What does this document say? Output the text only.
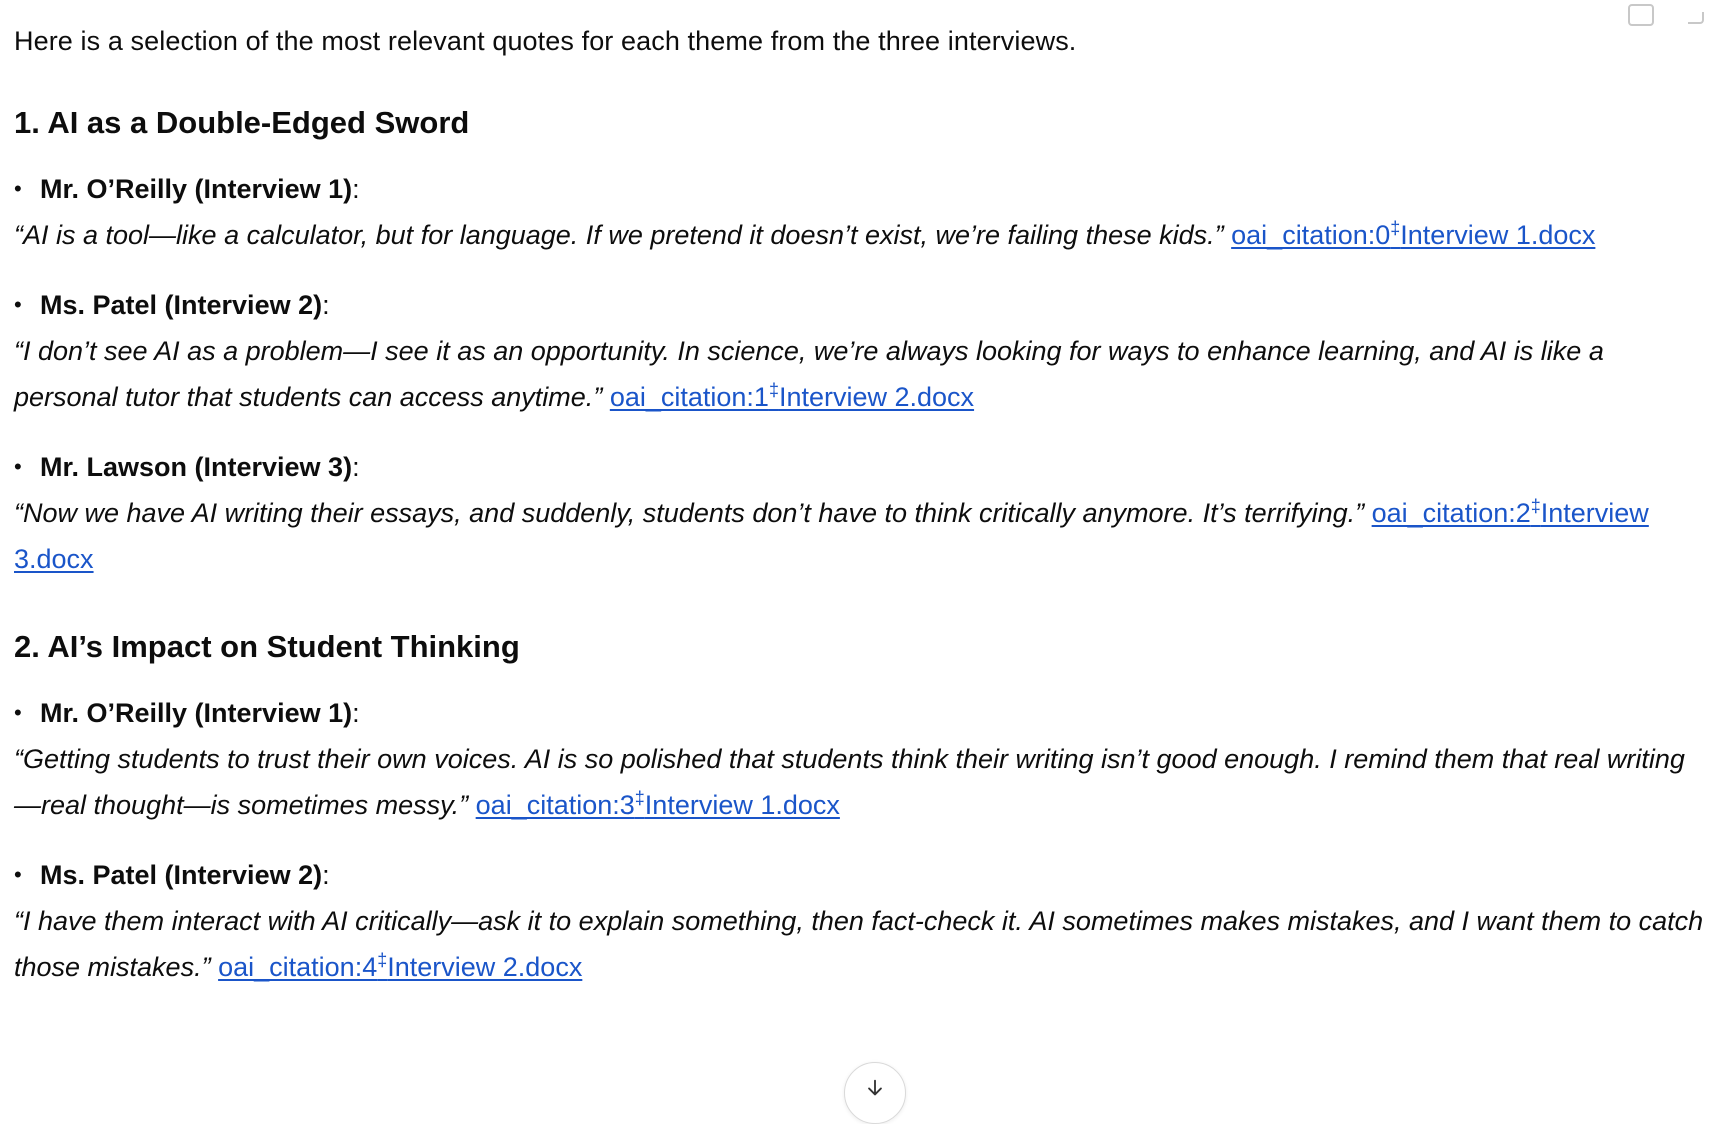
Here is a selection of the most relevant quotes for each theme from the three interviews.

1. AI as a Double-Edged Sword
• Mr. O’Reilly (Interview 1) :

“AI is a tool—like a calculator, but for language. If we pretend it doesn’t exist, we’re failing these kids.” oai_citation:0‡Interview 1.docx

• Ms. Patel (Interview 2) :

“I don’t see AI as a problem—I see it as an opportunity. In science, we’re always looking for ways to enhance learning, and AI is like a personal tutor that students can access anytime.” oai_citation:1‡Interview 2.docx

• Mr. Lawson (Interview 3) :

“Now we have AI writing their essays, and suddenly, students don’t have to think critically anymore. It’s terrifying.” oai_citation:2‡Interview 3.docx

2. AI’s Impact on Student Thinking
• Mr. O’Reilly (Interview 1) :

“Getting students to trust their own voices. AI is so polished that students think their writing isn’t good enough. I remind them that real writing—real thought—is sometimes messy.” oai_citation:3‡Interview 1.docx

• Ms. Patel (Interview 2) :

“I have them interact with AI critically—ask it to explain something, then fact-check it. AI sometimes makes mistakes, and I want them to catch those mistakes.” oai_citation:4‡Interview 2.docx
